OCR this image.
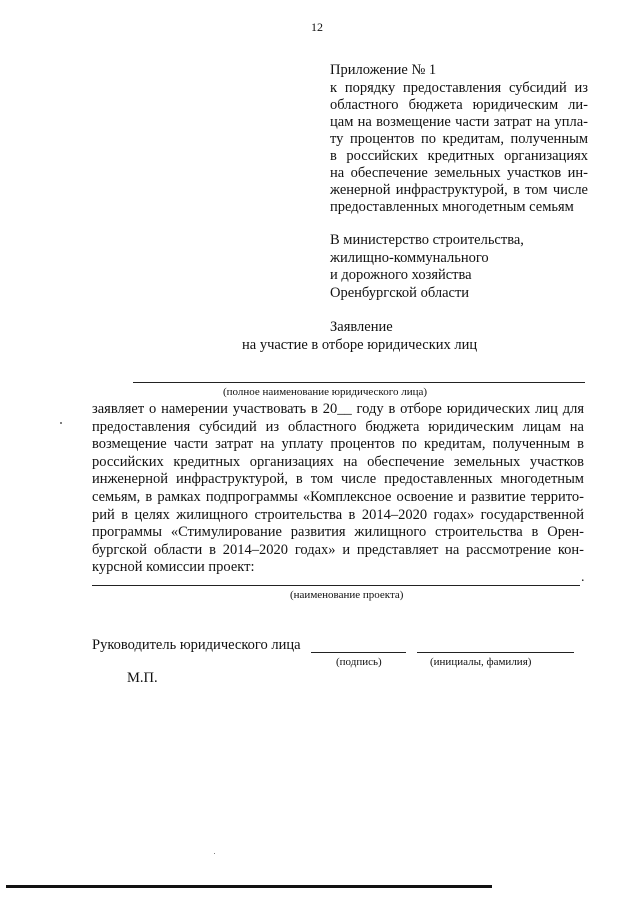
12
Приложение № 1
к порядку предоставления субсидий из
областного бюджета юридическим ли-
цам на возмещение части затрат на упла-
ту процентов по кредитам, полученным
в российских кредитных организациях
на обеспечение земельных участков ин-
женерной инфраструктурой, в том числе
предоставленных многодетным семьям
В министерство строительства,
жилищно-коммунального
и дорожного хозяйства
Оренбургской области
Заявление
на участие в отборе юридических лиц
(полное наименование юридического лица)
заявляет о намерении участвовать в 20__ году в отборе юридических лиц для
предоставления субсидий из областного бюджета юридическим лицам на
возмещение части затрат на уплату процентов по кредитам, полученным в
российских кредитных организациях на обеспечение земельных участков
инженерной инфраструктурой, в том числе предоставленных многодетным
семьям, в рамках подпрограммы «Комплексное освоение и развитие террито-
рий в целях жилищного строительства в 2014–2020 годах» государственной
программы «Стимулирование развития жилищного строительства в Орен-
бургской области в 2014–2020 годах» и представляет на рассмотрение кон-
курсной комиссии проект:
.
(наименование проекта)
Руководитель юридического лица
(подпись)	(инициалы, фамилия)
М.П.
